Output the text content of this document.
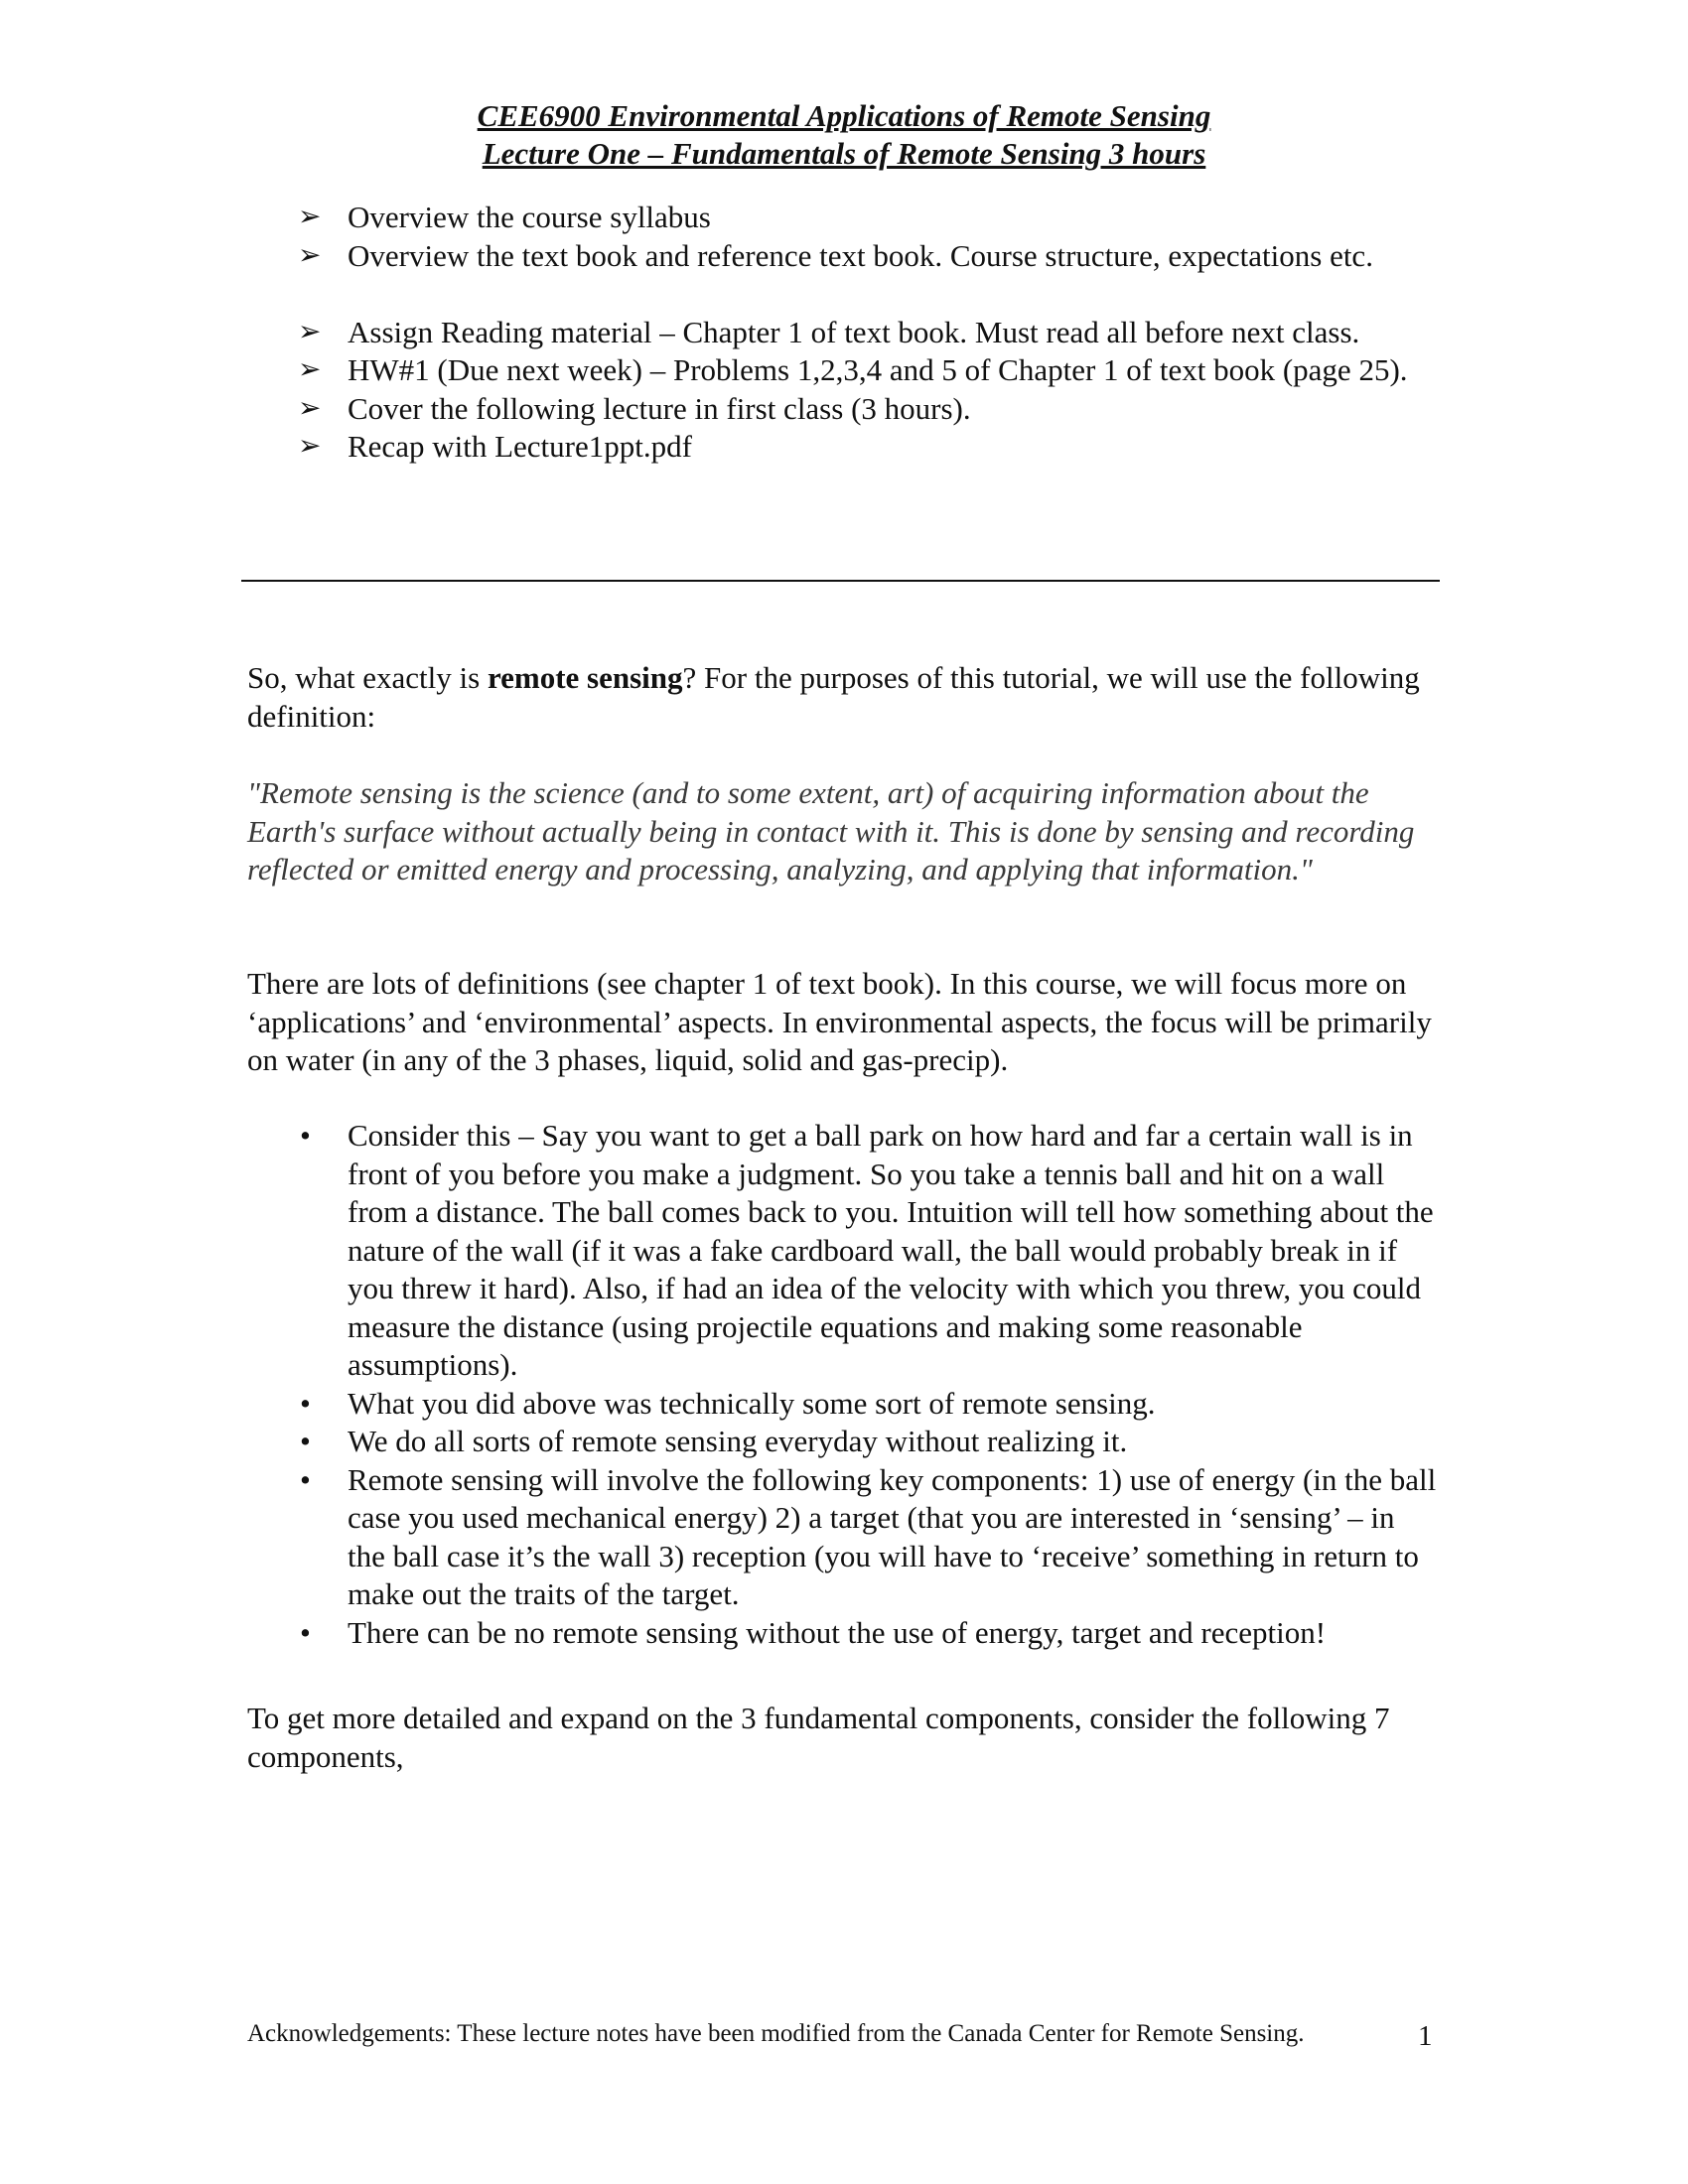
CEE6900 Environmental Applications of Remote Sensing
Lecture One – Fundamentals of Remote Sensing 3 hours
➢ Overview the course syllabus
➢ Overview the text book and reference text book. Course structure, expectations etc.
➢ Assign Reading material – Chapter 1 of text book. Must read all before next class.
➢ HW#1 (Due next week) – Problems 1,2,3,4 and 5 of Chapter 1 of text book (page 25).
➢ Cover the following lecture in first class (3 hours).
➢ Recap with Lecture1ppt.pdf

So, what exactly is remote sensing? For the purposes of this tutorial, we will use the following definition:

"Remote sensing is the science (and to some extent, art) of acquiring information about the Earth's surface without actually being in contact with it. This is done by sensing and recording reflected or emitted energy and processing, analyzing, and applying that information."

There are lots of definitions (see chapter 1 of text book). In this course, we will focus more on ‘applications’ and ‘environmental’ aspects. In environmental aspects, the focus will be primarily on water (in any of the 3 phases, liquid, solid and gas-precip).

• Consider this – Say you want to get a ball park on how hard and far a certain wall is in front of you before you make a judgment. So you take a tennis ball and hit on a wall from a distance. The ball comes back to you. Intuition will tell how something about the nature of the wall (if it was a fake cardboard wall, the ball would probably break in if you threw it hard). Also, if had an idea of the velocity with which you threw, you could measure the distance (using projectile equations and making some reasonable assumptions).
• What you did above was technically some sort of remote sensing.
• We do all sorts of remote sensing everyday without realizing it.
• Remote sensing will involve the following key components: 1) use of energy (in the ball case you used mechanical energy) 2) a target (that you are interested in ‘sensing’ – in the ball case it’s the wall 3) reception (you will have to ‘receive’ something in return to make out the traits of the target.
• There can be no remote sensing without the use of energy, target and reception!

To get more detailed and expand on the 3 fundamental components, consider the following 7 components,

Acknowledgements: These lecture notes have been modified from the Canada Center for Remote Sensing.	1
